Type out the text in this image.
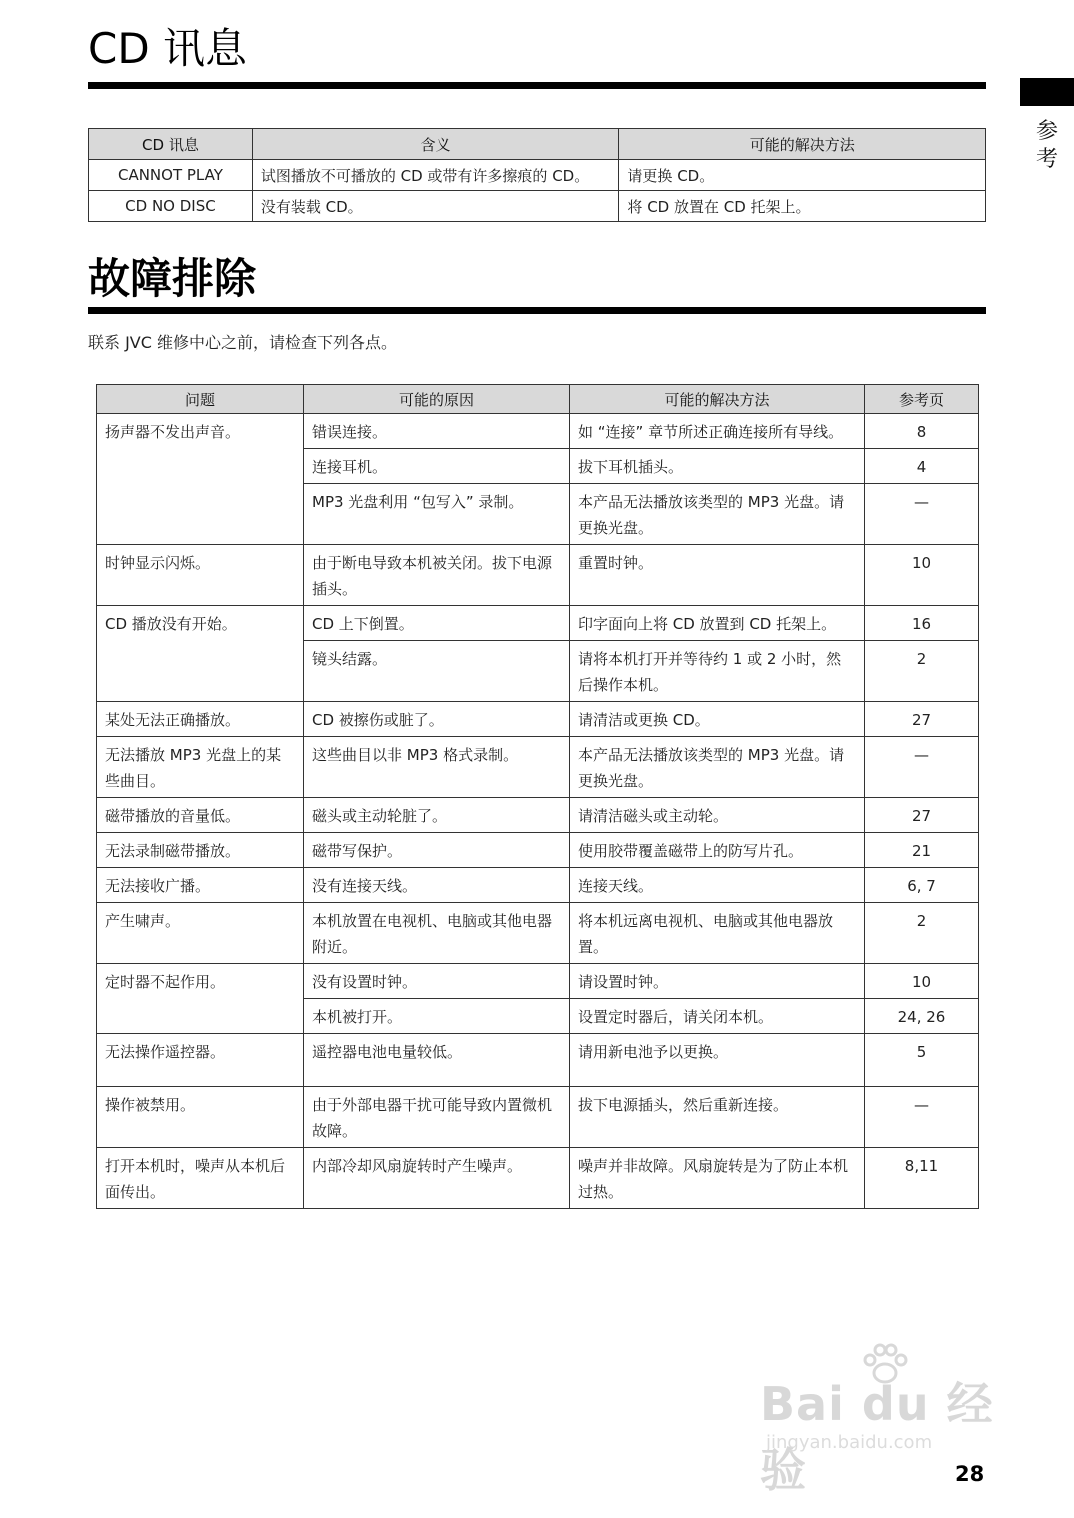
CD 讯息
参考
CD 讯息	含义	可能的解决方法
CANNOT PLAY	试图播放不可播放的 CD 或带有许多擦痕的 CD。	请更换 CD。
CD NO DISC	没有装载 CD。	将 CD 放置在 CD 托架上。
故障排除
联系 JVC 维修中心之前，请检查下列各点。
问题	可能的原因	可能的解决方法	参考页
扬声器不发出声音。	错误连接。	如 “连接” 章节所述正确连接所有导线。	8
	连接耳机。	拔下耳机插头。	4
	MP3 光盘利用 “包写入” 录制。	本产品无法播放该类型的 MP3 光盘。请更换光盘。	—
时钟显示闪烁。	由于断电导致本机被关闭。拔下电源插头。	重置时钟。	10
CD 播放没有开始。	CD 上下倒置。	印字面向上将 CD 放置到 CD 托架上。	16
	镜头结露。	请将本机打开并等待约 1 或 2 小时，然后操作本机。	2
某处无法正确播放。	CD 被擦伤或脏了。	请清洁或更换 CD。	27
无法播放 MP3 光盘上的某些曲目。	这些曲目以非 MP3 格式录制。	本产品无法播放该类型的 MP3 光盘。请更换光盘。	—
磁带播放的音量低。	磁头或主动轮脏了。	请清洁磁头或主动轮。	27
无法录制磁带播放。	磁带写保护。	使用胶带覆盖磁带上的防写片孔。	21
无法接收广播。	没有连接天线。	连接天线。	6, 7
产生啸声。	本机放置在电视机、电脑或其他电器附近。	将本机远离电视机、电脑或其他电器放置。	2
定时器不起作用。	没有设置时钟。	请设置时钟。	10
	本机被打开。	设置定时器后，请关闭本机。	24, 26
无法操作遥控器。	遥控器电池电量较低。	请用新电池予以更换。	5
操作被禁用。	由于外部电器干扰可能导致内置微机故障。	拔下电源插头，然后重新连接。	—
打开本机时，噪声从本机后面传出。	内部冷却风扇旋转时产生噪声。	噪声并非故障。风扇旋转是为了防止本机过热。	8,11
Bai du 经验
jingyan.baidu.com
28
